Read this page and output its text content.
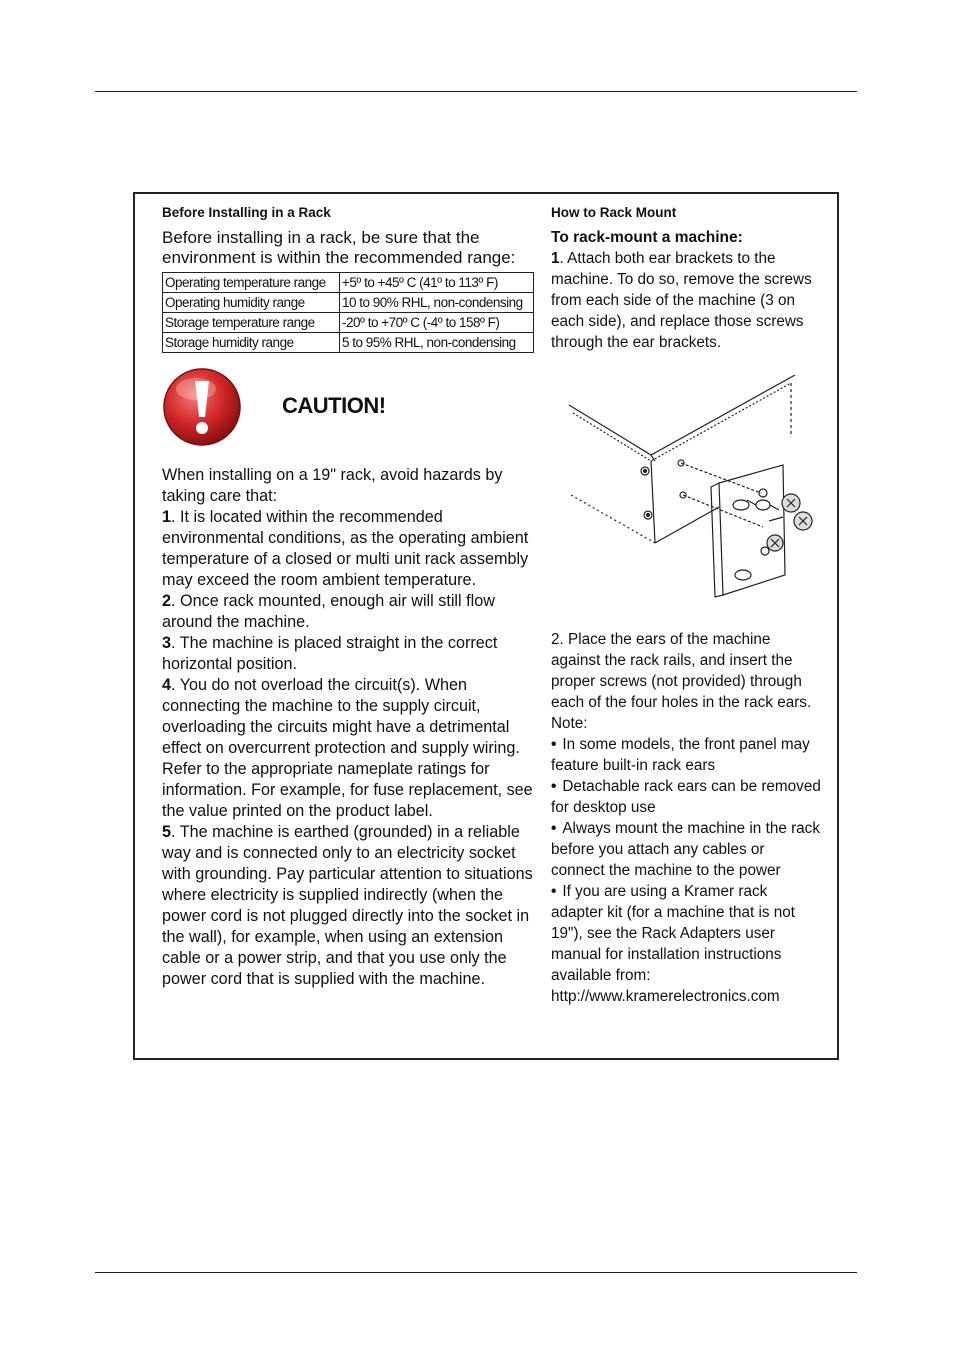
Before Installing in a Rack

Before installing in a rack, be sure that the environment is within the recommended range:

Operating temperature range	+5º to +45º C (41º to 113º F)
Operating humidity range	10 to 90% RHL, non-condensing
Storage temperature range	-20º to +70º C (-4º to 158º F)
Storage humidity range	5 to 95% RHL, non-condensing
CAUTION!

When installing on a 19" rack, avoid hazards by taking care that:

1. It is located within the recommended environmental conditions, as the operating ambient temperature of a closed or multi unit rack assembly may exceed the room ambient temperature.

2. Once rack mounted, enough air will still flow around the machine.

3. The machine is placed straight in the correct horizontal position.

4. You do not overload the circuit(s). When connecting the machine to the supply circuit, overloading the circuits might have a detrimental effect on overcurrent protection and supply wiring. Refer to the appropriate nameplate ratings for information. For example, for fuse replacement, see the value printed on the product label.

5. The machine is earthed (grounded) in a reliable way and is connected only to an electricity socket with grounding. Pay particular attention to situations where electricity is supplied indirectly (when the power cord is not plugged directly into the socket in the wall), for example, when using an extension cable or a power strip, and that you use only the power cord that is supplied with the machine.

How to Rack Mount

To rack-mount a machine:

1. Attach both ear brackets to the machine. To do so, remove the screws from each side of the machine (3 on each side), and replace those screws through the ear brackets.

2. Place the ears of the machine against the rack rails, and insert the proper screws (not provided) through each of the four holes in the rack ears.

Note:

• In some models, the front panel may feature built-in rack ears

• Detachable rack ears can be removed for desktop use

• Always mount the machine in the rack before you attach any cables or connect the machine to the power

• If you are using a Kramer rack adapter kit (for a machine that is not 19"), see the Rack Adapters user manual for installation instructions available from:

http://www.kramerelectronics.com
